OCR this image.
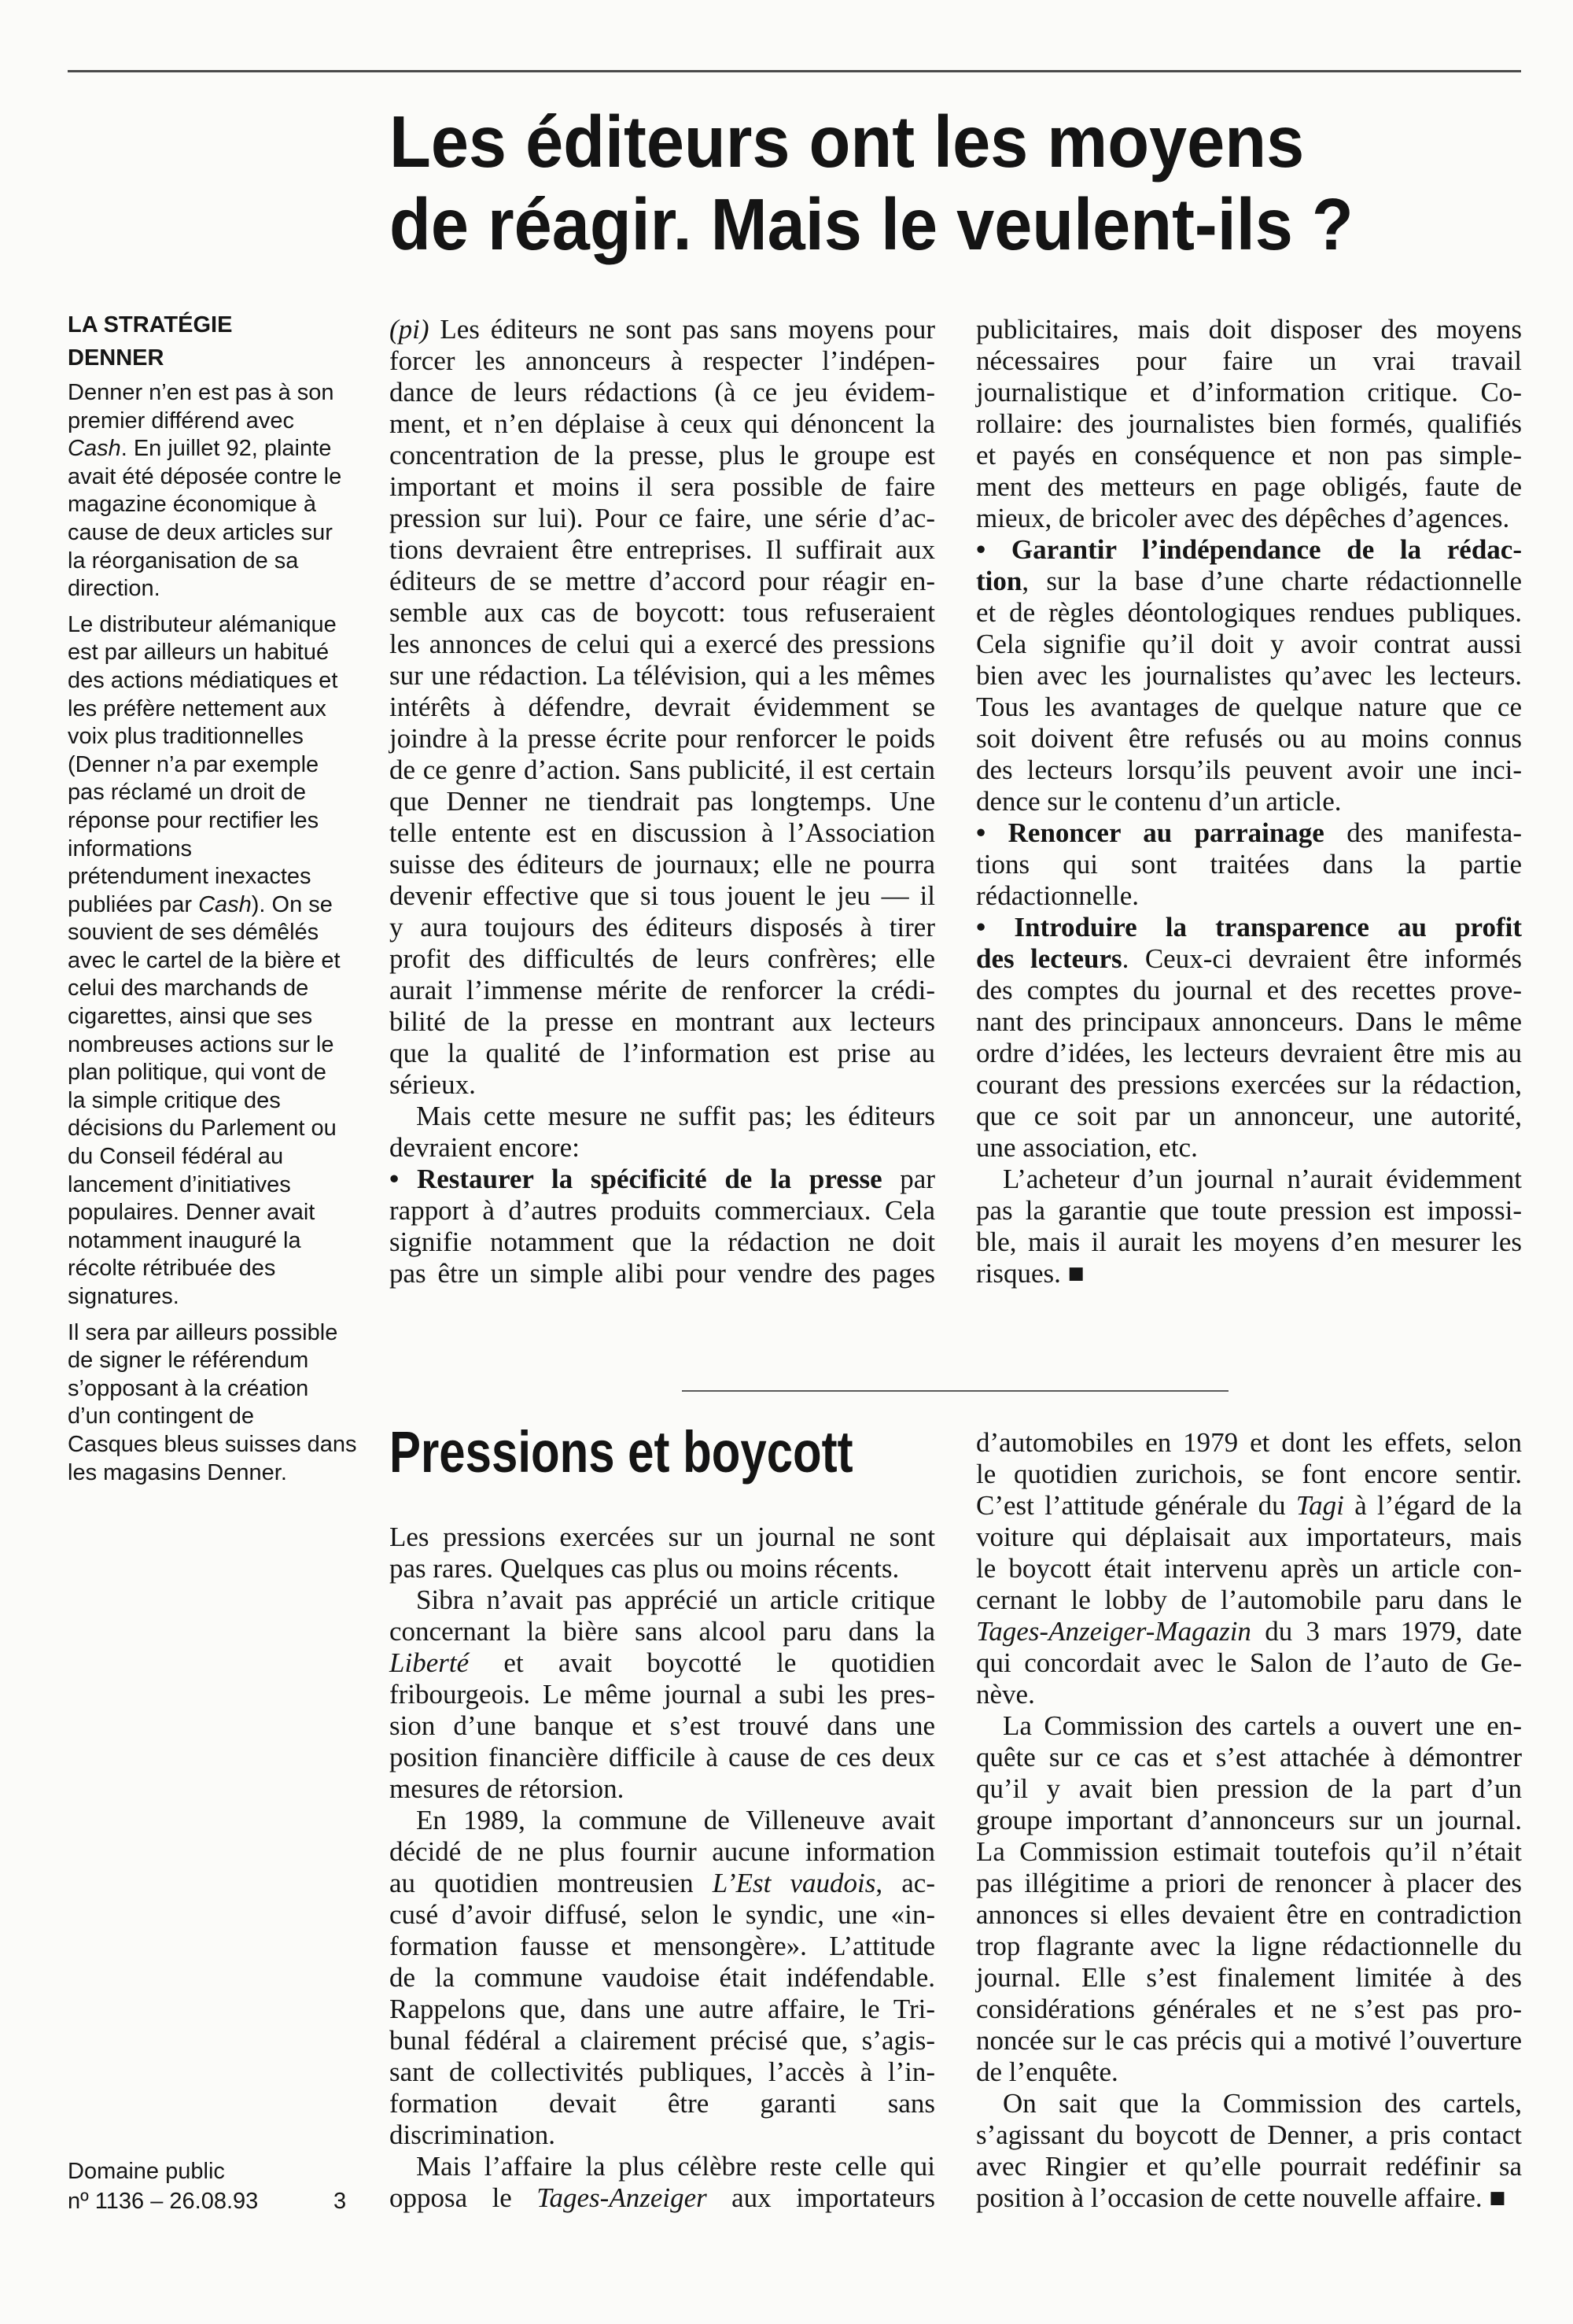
Les éditeurs ont les moyens
de réagir. Mais le veulent-ils ?
LA STRATÉGIE
DENNER
Denner n’en est pas à son
premier différend avec
Cash. En juillet 92, plainte
avait été déposée contre le
magazine économique à
cause de deux articles sur
la réorganisation de sa
direction.
Le distributeur alémanique
est par ailleurs un habitué
des actions médiatiques et
les préfère nettement aux
voix plus traditionnelles
(Denner n’a par exemple
pas réclamé un droit de
réponse pour rectifier les
informations
prétendument inexactes
publiées par Cash). On se
souvient de ses démêlés
avec le cartel de la bière et
celui des marchands de
cigarettes, ainsi que ses
nombreuses actions sur le
plan politique, qui vont de
la simple critique des
décisions du Parlement ou
du Conseil fédéral au
lancement d’initiatives
populaires. Denner avait
notamment inauguré la
récolte rétribuée des
signatures.
Il sera par ailleurs possible
de signer le référendum
s’opposant à la création
d’un contingent de
Casques bleus suisses dans
les magasins Denner.
(pi) Les éditeurs ne sont pas sans moyens pour
forcer les annonceurs à respecter l’indépen-
dance de leurs rédactions (à ce jeu évidem-
ment, et n’en déplaise à ceux qui dénoncent la
concentration de la presse, plus le groupe est
important et moins il sera possible de faire
pression sur lui). Pour ce faire, une série d’ac-
tions devraient être entreprises. Il suffirait aux
éditeurs de se mettre d’accord pour réagir en-
semble aux cas de boycott: tous refuseraient
les annonces de celui qui a exercé des pressions
sur une rédaction. La télévision, qui a les mêmes
intérêts à défendre, devrait évidemment se
joindre à la presse écrite pour renforcer le poids
de ce genre d’action. Sans publicité, il est certain
que Denner ne tiendrait pas longtemps. Une
telle entente est en discussion à l’Association
suisse des éditeurs de journaux; elle ne pourra
devenir effective que si tous jouent le jeu — il
y aura toujours des éditeurs disposés à tirer
profit des difficultés de leurs confrères; elle
aurait l’immense mérite de renforcer la crédi-
bilité de la presse en montrant aux lecteurs
que la qualité de l’information est prise au
sérieux.
Mais cette mesure ne suffit pas; les éditeurs
devraient encore:
• Restaurer la spécificité de la presse par
rapport à d’autres produits commerciaux. Cela
signifie notamment que la rédaction ne doit
pas être un simple alibi pour vendre des pages
publicitaires, mais doit disposer des moyens
nécessaires pour faire un vrai travail
journalistique et d’information critique. Co-
rollaire: des journalistes bien formés, qualifiés
et payés en conséquence et non pas simple-
ment des metteurs en page obligés, faute de
mieux, de bricoler avec des dépêches d’agences.
• Garantir l’indépendance de la rédac-
tion, sur la base d’une charte rédactionnelle
et de règles déontologiques rendues publiques.
Cela signifie qu’il doit y avoir contrat aussi
bien avec les journalistes qu’avec les lecteurs.
Tous les avantages de quelque nature que ce
soit doivent être refusés ou au moins connus
des lecteurs lorsqu’ils peuvent avoir une inci-
dence sur le contenu d’un article.
• Renoncer au parrainage des manifesta-
tions qui sont traitées dans la partie
rédactionnelle.
• Introduire la transparence au profit
des lecteurs. Ceux-ci devraient être informés
des comptes du journal et des recettes prove-
nant des principaux annonceurs. Dans le même
ordre d’idées, les lecteurs devraient être mis au
courant des pressions exercées sur la rédaction,
que ce soit par un annonceur, une autorité,
une association, etc.
L’acheteur d’un journal n’aurait évidemment
pas la garantie que toute pression est impossi-
ble, mais il aurait les moyens d’en mesurer les
risques. ■
Pressions et boycott
Les pressions exercées sur un journal ne sont
pas rares. Quelques cas plus ou moins récents.
Sibra n’avait pas apprécié un article critique
concernant la bière sans alcool paru dans la
Liberté et avait boycotté le quotidien
fribourgeois. Le même journal a subi les pres-
sion d’une banque et s’est trouvé dans une
position financière difficile à cause de ces deux
mesures de rétorsion.
En 1989, la commune de Villeneuve avait
décidé de ne plus fournir aucune information
au quotidien montreusien L’Est vaudois, ac-
cusé d’avoir diffusé, selon le syndic, une «in-
formation fausse et mensongère». L’attitude
de la commune vaudoise était indéfendable.
Rappelons que, dans une autre affaire, le Tri-
bunal fédéral a clairement précisé que, s’agis-
sant de collectivités publiques, l’accès à l’in-
formation devait être garanti sans
discrimination.
Mais l’affaire la plus célèbre reste celle qui
opposa le Tages-Anzeiger aux importateurs
d’automobiles en 1979 et dont les effets, selon
le quotidien zurichois, se font encore sentir.
C’est l’attitude générale du Tagi à l’égard de la
voiture qui déplaisait aux importateurs, mais
le boycott était intervenu après un article con-
cernant le lobby de l’automobile paru dans le
Tages-Anzeiger-Magazin du 3 mars 1979, date
qui concordait avec le Salon de l’auto de Ge-
nève.
La Commission des cartels a ouvert une en-
quête sur ce cas et s’est attachée à démontrer
qu’il y avait bien pression de la part d’un
groupe important d’annonceurs sur un journal.
La Commission estimait toutefois qu’il n’était
pas illégitime a priori de renoncer à placer des
annonces si elles devaient être en contradiction
trop flagrante avec la ligne rédactionnelle du
journal. Elle s’est finalement limitée à des
considérations générales et ne s’est pas pro-
noncée sur le cas précis qui a motivé l’ouverture
de l’enquête.
On sait que la Commission des cartels,
s’agissant du boycott de Denner, a pris contact
avec Ringier et qu’elle pourrait redéfinir sa
position à l’occasion de cette nouvelle affaire. ■
Domaine public
nº 1136 – 26.08.93	3
